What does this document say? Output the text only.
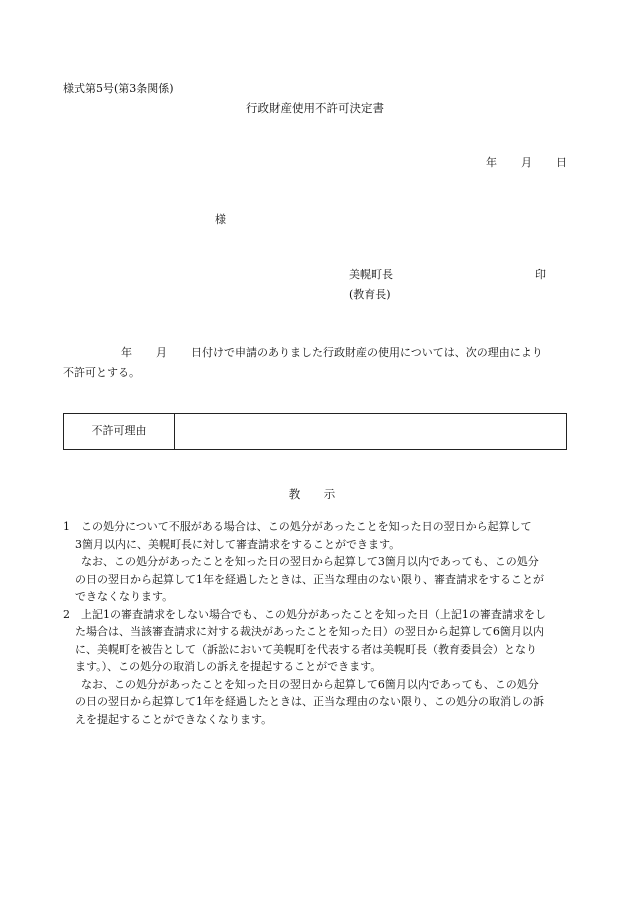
様式第5号(第3条関係)
行政財産使用不許可決定書
年 月 日
様
美幌町長	印
(教育長)
年 月 日付けで申請のありました行政財産の使用については、次の理由により
不許可とする。
不許可理由
教　示
1　この処分について不服がある場合は、この処分があったことを知った日の翌日から起算して
3箇月以内に、美幌町長に対して審査請求をすることができます。
なお、この処分があったことを知った日の翌日から起算して3箇月以内であっても、この処分
の日の翌日から起算して1年を経過したときは、正当な理由のない限り、審査請求をすることが
できなくなります。
2　上記1の審査請求をしない場合でも、この処分があったことを知った日（上記1の審査請求をし
た場合は、当該審査請求に対する裁決があったことを知った日）の翌日から起算して6箇月以内
に、美幌町を被告として（訴訟において美幌町を代表する者は美幌町長（教育委員会）となり
ます。）、この処分の取消しの訴えを提起することができます。
なお、この処分があったことを知った日の翌日から起算して6箇月以内であっても、この処分
の日の翌日から起算して1年を経過したときは、正当な理由のない限り、この処分の取消しの訴
えを提起することができなくなります。
